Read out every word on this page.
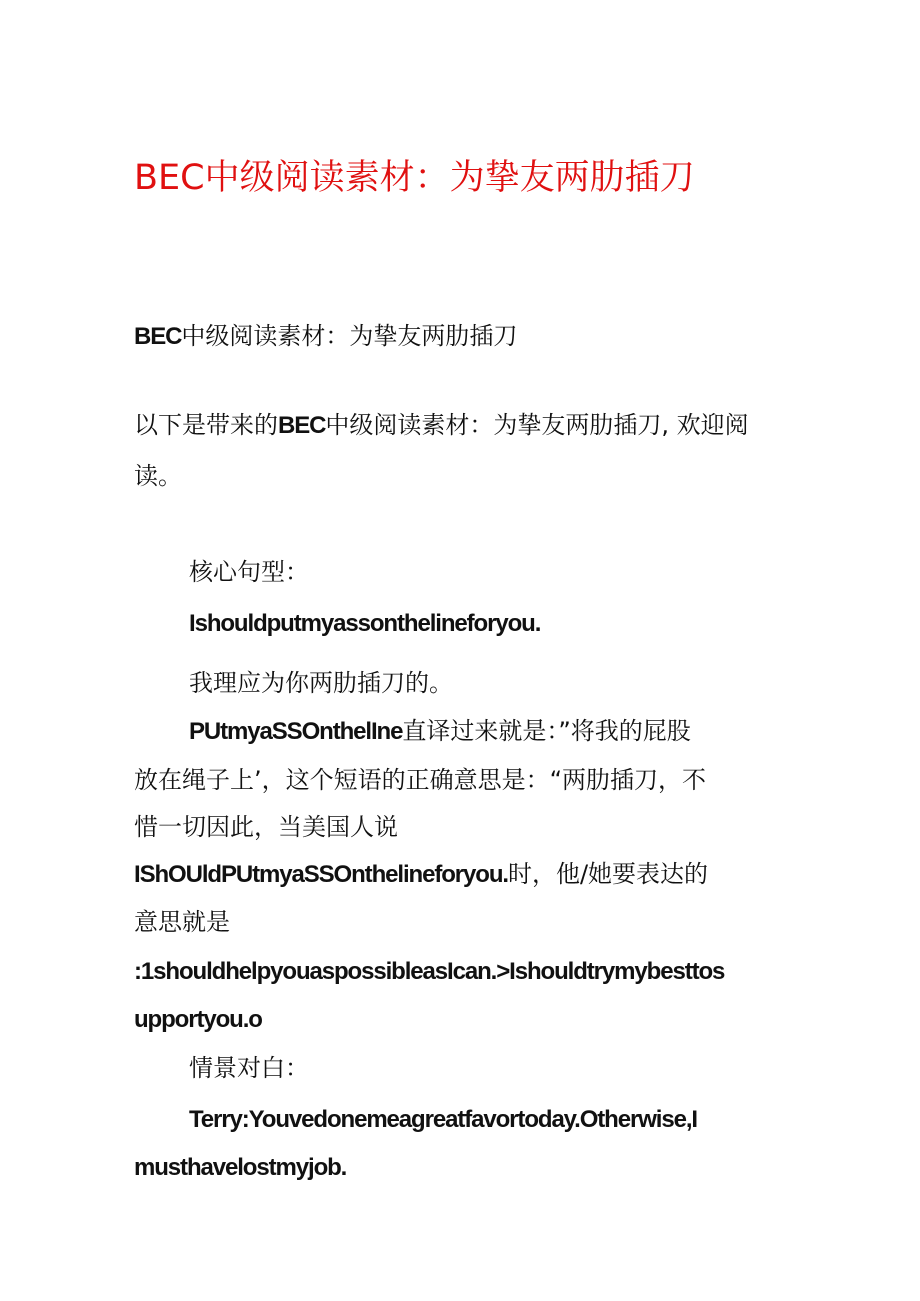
BEC中级阅读素材：为挚友两肋插刀
BEC中级阅读素材：为挚友两肋插刀
以下是带来的BEC中级阅读素材：为挚友两肋插刀, 欢迎阅
读。
核心句型：
Ishouldputmyassonthelineforyou.
我理应为你两肋插刀的。
PUtmyaSSOnthelIne直译过来就是：”将我的屁股
放在绳子上’，这个短语的正确意思是：“两肋插刀，不
惜一切因此，当美国人说
IShOUldPUtmyaSSOnthelineforyou.时，他/她要表达的
意思就是
:1shouldhelpyouaspossibleasIcan.>Ishouldtrymybesttos
upportyou.o
情景对白：
Terry:Youvedonemeagreatfavortoday.Otherwise,I
musthavelostmyjob.
